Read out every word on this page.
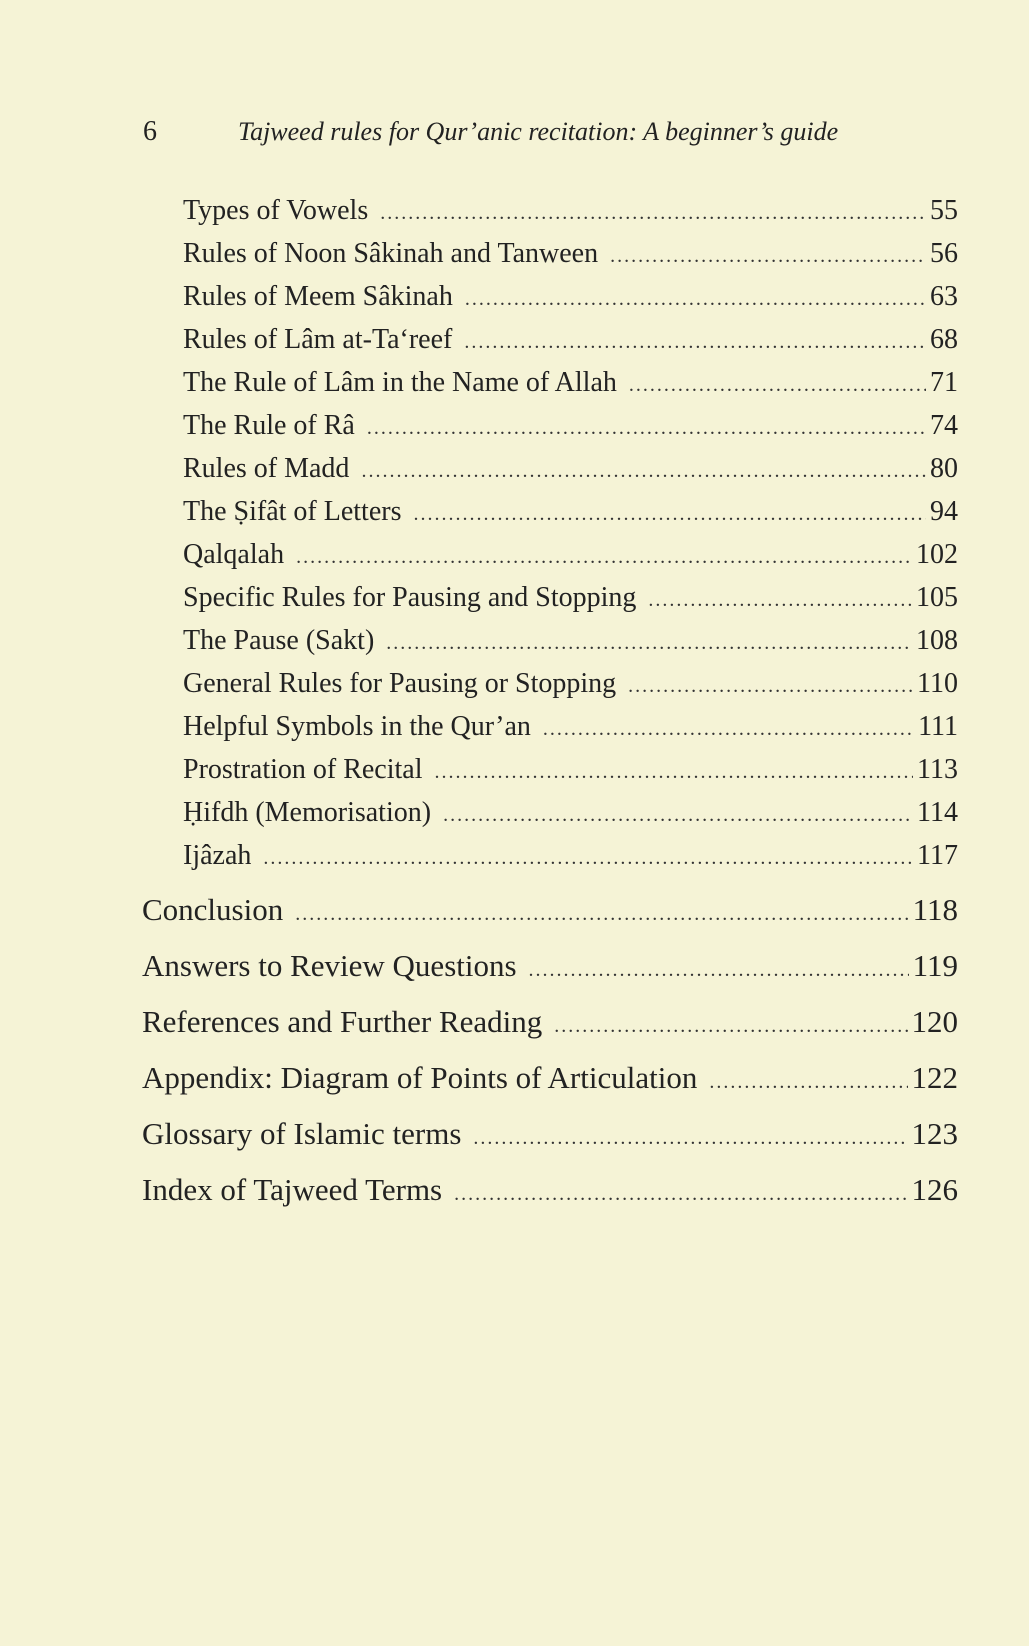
6	Tajweed rules for Qur’anic recitation: A beginner’s guide
Types of Vowels .....	55
Rules of Noon Sâkinah and Tanween .....	56
Rules of Meem Sâkinah .....	63
Rules of Lâm at-Ta‘reef .....	68
The Rule of Lâm in the Name of Allah .....	71
The Rule of Râ .....	74
Rules of Madd .....	80
The Ṣifât of Letters .....	94
Qalqalah .....	102
Specific Rules for Pausing and Stopping .....	105
The Pause (Sakt) .....	108
General Rules for Pausing or Stopping .....	110
Helpful Symbols in the Qur’an .....	111
Prostration of Recital .....	113
Ḥifdh (Memorisation) .....	114
Ijâzah .....	117
Conclusion .....	118
Answers to Review Questions .....	119
References and Further Reading .....	120
Appendix: Diagram of Points of Articulation .....	122
Glossary of Islamic terms .....	123
Index of Tajweed Terms .....	126
